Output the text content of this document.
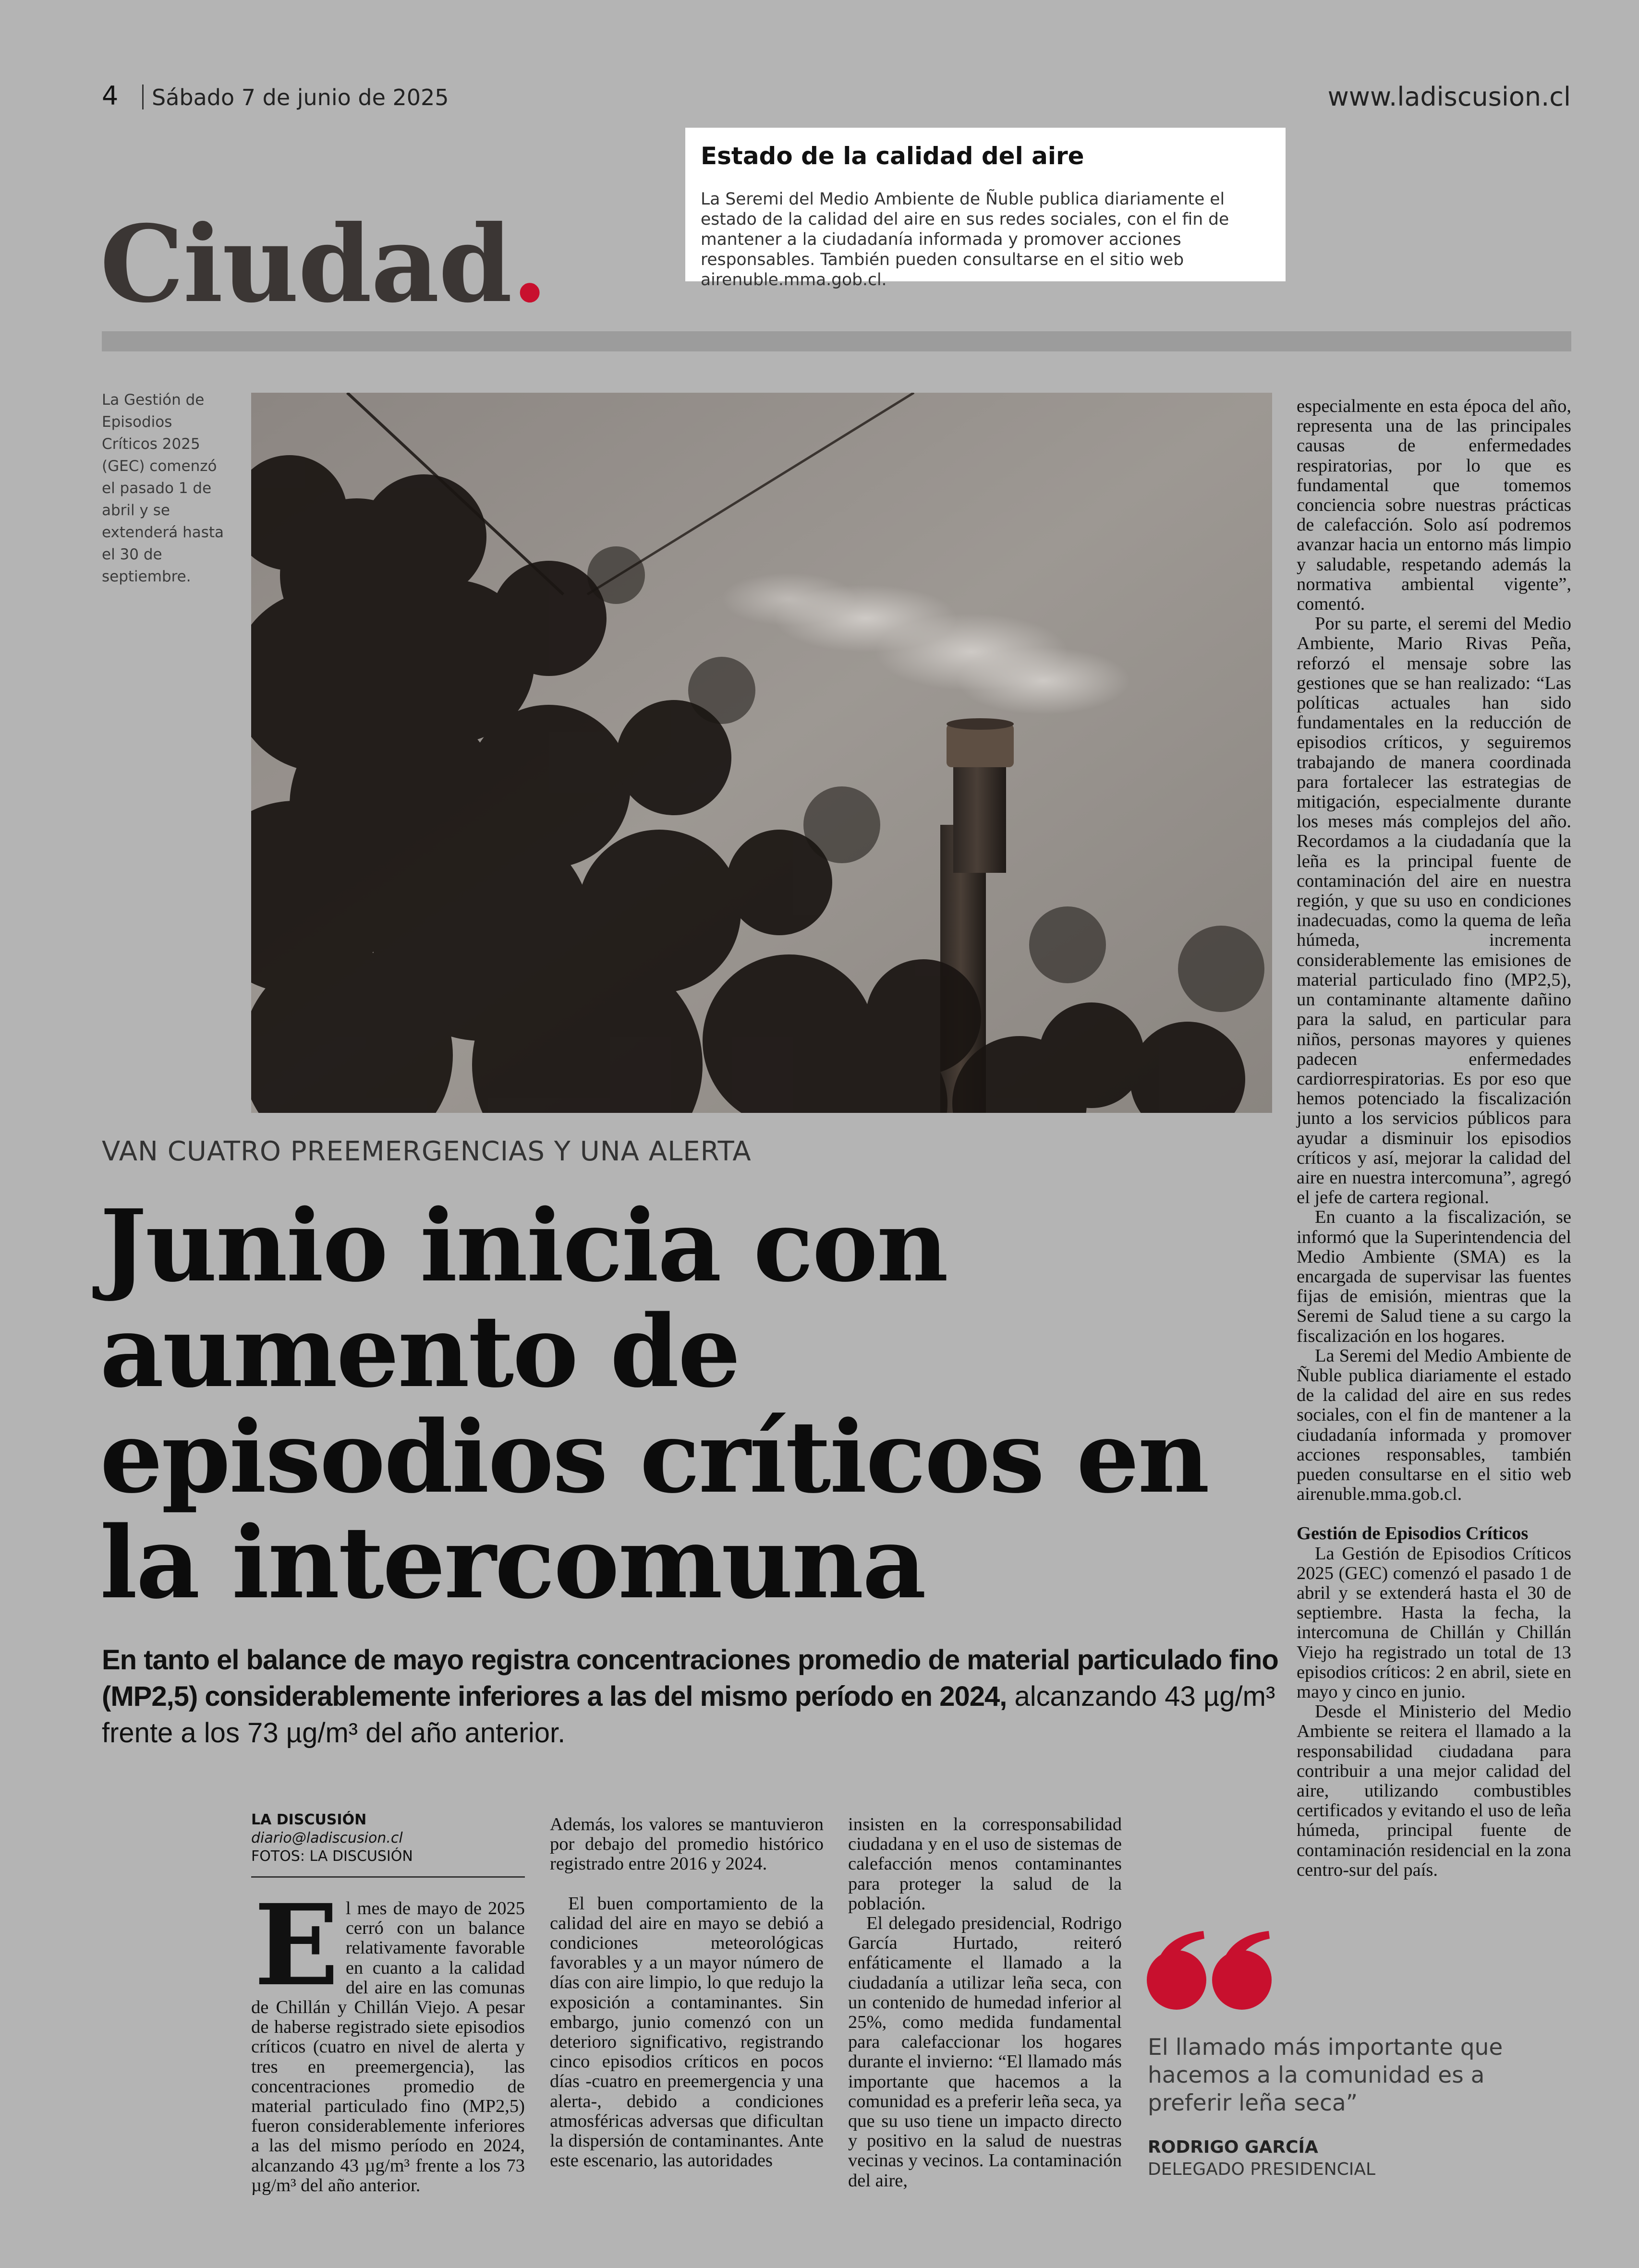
4 Sábado 7 de junio de 2025	www.ladiscusion.cl
Ciudad.
Estado de la calidad del aire
La Seremi del Medio Ambiente de Ñuble publica diariamente el estado de la calidad del aire en sus redes sociales, con el fin de mantener a la ciudadanía informada y promover acciones responsables. También pueden consultarse en el sitio web airenuble.mma.gob.cl.
La Gestión de Episodios Críticos 2025 (GEC) comenzó el pasado 1 de abril y se extenderá hasta el 30 de septiembre.
VAN CUATRO PREEMERGENCIAS Y UNA ALERTA
Junio inicia con aumento de episodios críticos en la intercomuna
En tanto el balance de mayo registra concentraciones promedio de material particulado fino (MP2,5) considerablemente inferiores a las del mismo período en 2024, alcanzando 43 µg/m³ frente a los 73 µg/m³ del año anterior.
LA DISCUSIÓN
diario@ladiscusion.cl
FOTOS: LA DISCUSIÓN

El mes de mayo de 2025 cerró con un balance relativamente favorable en cuanto a la calidad del aire en las comunas de Chillán y Chillán Viejo. A pesar de haberse registrado siete episodios críticos (cuatro en nivel de alerta y tres en preemergencia), las concentraciones promedio de material particulado fino (MP2,5) fueron considerablemente inferiores a las del mismo período en 2024, alcanzando 43 µg/m³ frente a los 73 µg/m³ del año anterior.

Además, los valores se mantuvieron por debajo del promedio histórico registrado entre 2016 y 2024.

El buen comportamiento de la calidad del aire en mayo se debió a condiciones meteorológicas favorables y a un mayor número de días con aire limpio, lo que redujo la exposición a contaminantes. Sin embargo, junio comenzó con un deterioro significativo, registrando cinco episodios críticos en pocos días -cuatro en preemergencia y una alerta-, debido a condiciones atmosféricas adversas que dificultan la dispersión de contaminantes. Ante este escenario, las autoridades

insisten en la corresponsabilidad ciudadana y en el uso de sistemas de calefacción menos contaminantes para proteger la salud de la población.

El delegado presidencial, Rodrigo García Hurtado, reiteró enfáticamente el llamado a la ciudadanía a utilizar leña seca, con un contenido de humedad inferior al 25%, como medida fundamental para calefaccionar los hogares durante el invierno: “El llamado más importante que hacemos a la comunidad es a preferir leña seca, ya que su uso tiene un impacto directo y positivo en la salud de nuestras vecinas y vecinos. La contaminación del aire,

especialmente en esta época del año, representa una de las principales causas de enfermedades respiratorias, por lo que es fundamental que tomemos conciencia sobre nuestras prácticas de calefacción. Solo así podremos avanzar hacia un entorno más limpio y saludable, respetando además la normativa ambiental vigente”, comentó.

Por su parte, el seremi del Medio Ambiente, Mario Rivas Peña, reforzó el mensaje sobre las gestiones que se han realizado: “Las políticas actuales han sido fundamentales en la reducción de episodios críticos, y seguiremos trabajando de manera coordinada para fortalecer las estrategias de mitigación, especialmente durante los meses más complejos del año. Recordamos a la ciudadanía que la leña es la principal fuente de contaminación del aire en nuestra región, y que su uso en condiciones inadecuadas, como la quema de leña húmeda, incrementa considerablemente las emisiones de material particulado fino (MP2,5), un contaminante altamente dañino para la salud, en particular para niños, personas mayores y quienes padecen enfermedades cardiorrespiratorias. Es por eso que hemos potenciado la fiscalización junto a los servicios públicos para ayudar a disminuir los episodios críticos y así, mejorar la calidad del aire en nuestra intercomuna”, agregó el jefe de cartera regional.

En cuanto a la fiscalización, se informó que la Superintendencia del Medio Ambiente (SMA) es la encargada de supervisar las fuentes fijas de emisión, mientras que la Seremi de Salud tiene a su cargo la fiscalización en los hogares.

La Seremi del Medio Ambiente de Ñuble publica diariamente el estado de la calidad del aire en sus redes sociales, con el fin de mantener a la ciudadanía informada y promover acciones responsables, también pueden consultarse en el sitio web airenuble.mma.gob.cl.

Gestión de Episodios Críticos

La Gestión de Episodios Críticos 2025 (GEC) comenzó el pasado 1 de abril y se extenderá hasta el 30 de septiembre. Hasta la fecha, la intercomuna de Chillán y Chillán Viejo ha registrado un total de 13 episodios críticos: 2 en abril, siete en mayo y cinco en junio.

Desde el Ministerio del Medio Ambiente se reitera el llamado a la responsabilidad ciudadana para contribuir a una mejor calidad del aire, utilizando combustibles certificados y evitando el uso de leña húmeda, principal fuente de contaminación residencial en la zona centro-sur del país.

El llamado más importante que hacemos a la comunidad es a preferir leña seca”
RODRIGO GARCÍA
DELEGADO PRESIDENCIAL
